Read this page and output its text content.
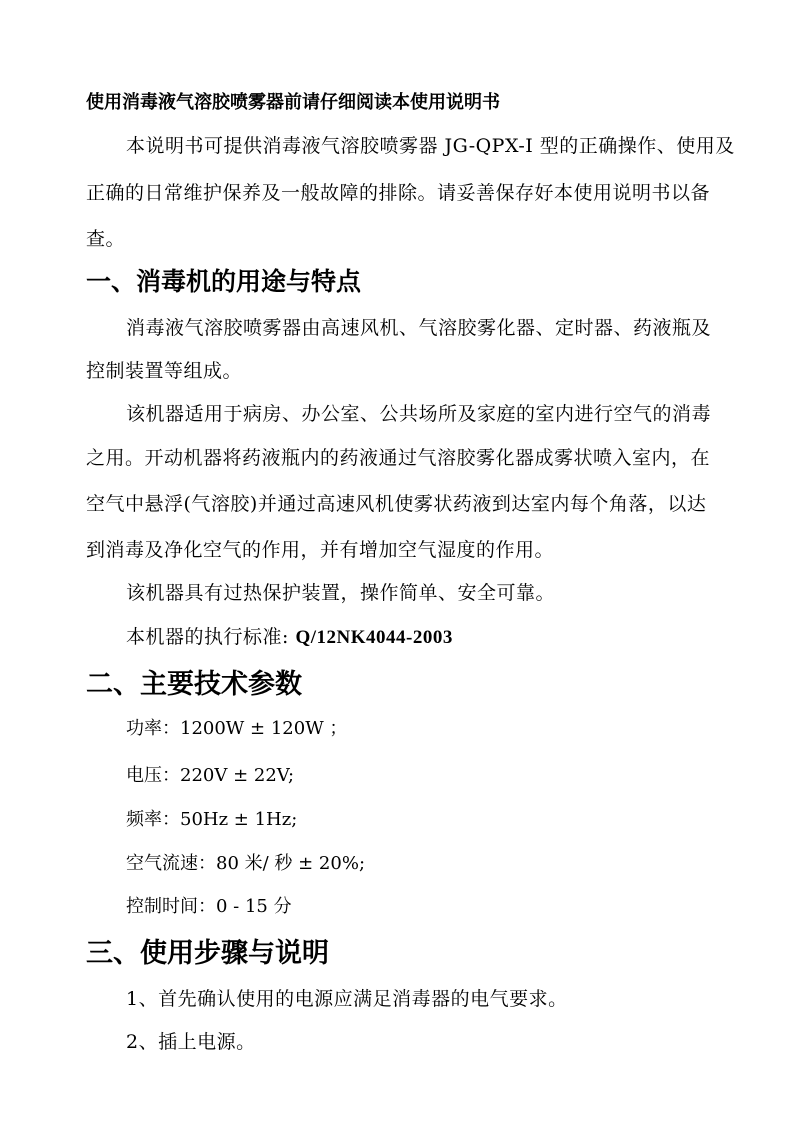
使用消毒液气溶胶喷雾器前请仔细阅读本使用说明书
本说明书可提供消毒液气溶胶喷雾器 JG-QPX-I 型的正确操作、使用及
正确的日常维护保养及一般故障的排除。请妥善保存好本使用说明书以备
查。
一、消毒机的用途与特点
消毒液气溶胶喷雾器由高速风机、气溶胶雾化器、定时器、药液瓶及
控制装置等组成。
该机器适用于病房、办公室、公共场所及家庭的室内进行空气的消毒
之用。开动机器将药液瓶内的药液通过气溶胶雾化器成雾状喷入室内，在
空气中悬浮(气溶胶)并通过高速风机使雾状药液到达室内每个角落，以达
到消毒及净化空气的作用，并有增加空气湿度的作用。
该机器具有过热保护装置，操作简单、安全可靠。
本机器的执行标准: Q/12NK4044-2003
二、主要技术参数
功率：1200W ± 120W ；
电压：220V ± 22V;
频率：50Hz ± 1Hz;
空气流速：80 米/ 秒 ± 20%;
控制时间：0 - 15 分
三、使用步骤与说明
1、首先确认使用的电源应满足消毒器的电气要求。
2、插上电源。
